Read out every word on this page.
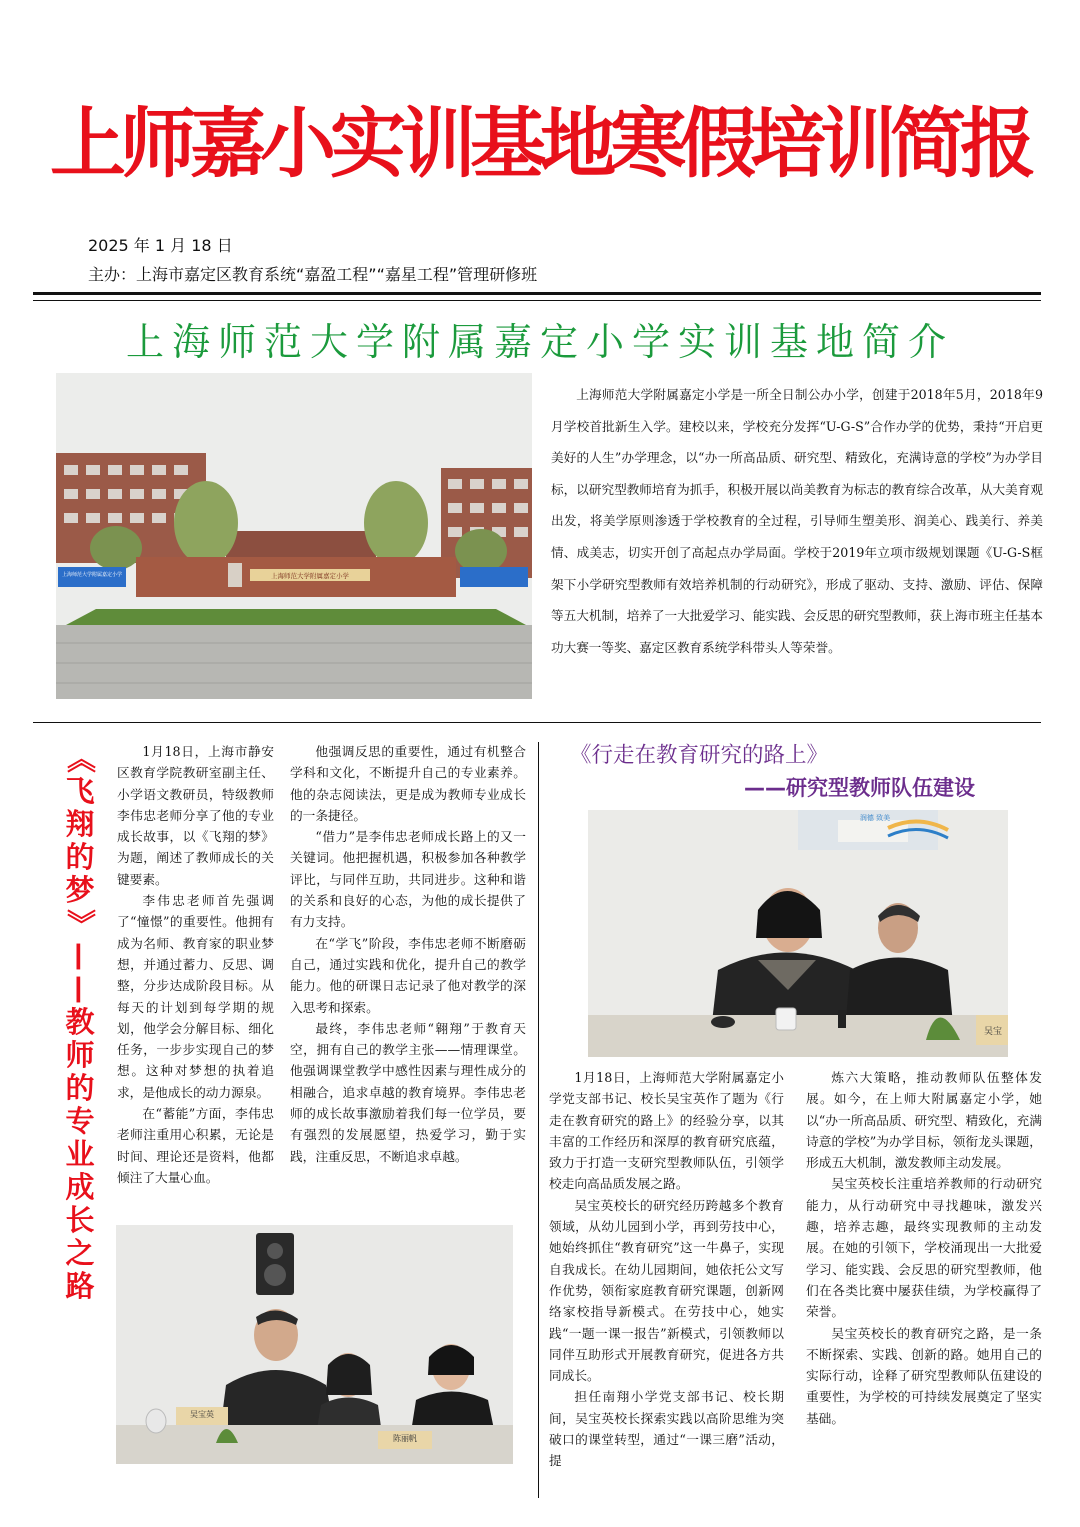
上师嘉小实训基地寒假培训简报
2025 年 1 月 18 日
主办：上海市嘉定区教育系统“嘉盈工程”“嘉星工程”管理研修班
上海师范大学附属嘉定小学实训基地简介
上海师范大学附属嘉定小学	上海师范大学附属嘉定小学

上海师范大学附属嘉定小学是一所全日制公办小学，创建于2018年5月，2018年9月学校首批新生入学。建校以来，学校充分发挥“U-G-S”合作办学的优势，秉持“开启更美好的人生”办学理念，以“办一所高品质、研究型、精致化，充满诗意的学校”为办学目标，以研究型教师培育为抓手，积极开展以尚美教育为标志的教育综合改革，从大美育观出发，将美学原则渗透于学校教育的全过程，引导师生塑美形、润美心、践美行、养美情、成美志，切实开创了高起点办学局面。学校于2019年立项市级规划课题《U-G-S框架下小学研究型教师有效培养机制的行动研究》，形成了驱动、支持、激励、评估、保障等五大机制，培养了一大批爱学习、能实践、会反思的研究型教师，获上海市班主任基本功大赛一等奖、嘉定区教育系统学科带头人等荣誉。

《
飞
翔
的
梦
》
—
—
教
师
的
专
业
成
长
之
路

1月18日，上海市静安区教育学院教研室副主任、小学语文教研员，特级教师李伟忠老师分享了他的专业成长故事，以《飞翔的梦》为题，阐述了教师成长的关键要素。

李伟忠老师首先强调了“憧憬”的重要性。他拥有成为名师、教育家的职业梦想，并通过蓄力、反思、调整，分步达成阶段目标。从每天的计划到每学期的规划，他学会分解目标、细化任务，一步步实现自己的梦想。这种对梦想的执着追求，是他成长的动力源泉。

在“蓄能”方面，李伟忠老师注重用心积累，无论是时间、理论还是资料，他都倾注了大量心血。

他强调反思的重要性，通过有机整合学科和文化，不断提升自己的专业素养。他的杂志阅读法，更是成为教师专业成长的一条捷径。

“借力”是李伟忠老师成长路上的又一关键词。他把握机遇，积极参加各种教学评比，与同伴互助，共同进步。这种和谐的关系和良好的心态，为他的成长提供了有力支持。

在“学飞”阶段，李伟忠老师不断磨砺自己，通过实践和优化，提升自己的教学能力。他的研课日志记录了他对教学的深入思考和探索。

最终，李伟忠老师“翱翔”于教育天空，拥有自己的教学主张——情理课堂。他强调课堂教学中感性因素与理性成分的相融合，追求卓越的教育境界。李伟忠老师的成长故事激励着我们每一位学员，要有强烈的发展愿望，热爱学习，勤于实践，注重反思，不断追求卓越。

吴宝英
陈丽帆
《行走在教育研究的路上》
——研究型教师队伍建设
润德 致美
吴宝

1月18日，上海师范大学附属嘉定小学党支部书记、校长吴宝英作了题为《行走在教育研究的路上》的经验分享，以其丰富的工作经历和深厚的教育研究底蕴，致力于打造一支研究型教师队伍，引领学校走向高品质发展之路。

吴宝英校长的研究经历跨越多个教育领域，从幼儿园到小学，再到劳技中心，她始终抓住“教育研究”这一牛鼻子，实现自我成长。在幼儿园期间，她依托公文写作优势，领衔家庭教育研究课题，创新网络家校指导新模式。在劳技中心，她实践“一题一课一报告”新模式，引领教师以同伴互助形式开展教育研究，促进各方共同成长。

担任南翔小学党支部书记、校长期间，吴宝英校长探索实践以高阶思维为突破口的课堂转型，通过“一课三磨”活动，提

炼六大策略，推动教师队伍整体发展。如今，在上师大附属嘉定小学，她以“办一所高品质、研究型、精致化，充满诗意的学校”为办学目标，领衔龙头课题，形成五大机制，激发教师主动发展。

吴宝英校长注重培养教师的行动研究能力，从行动研究中寻找趣味，激发兴趣，培养志趣，最终实现教师的主动发展。在她的引领下，学校涌现出一大批爱学习、能实践、会反思的研究型教师，他们在各类比赛中屡获佳绩，为学校赢得了荣誉。

吴宝英校长的教育研究之路，是一条不断探索、实践、创新的路。她用自己的实际行动，诠释了研究型教师队伍建设的重要性，为学校的可持续发展奠定了坚实基础。
